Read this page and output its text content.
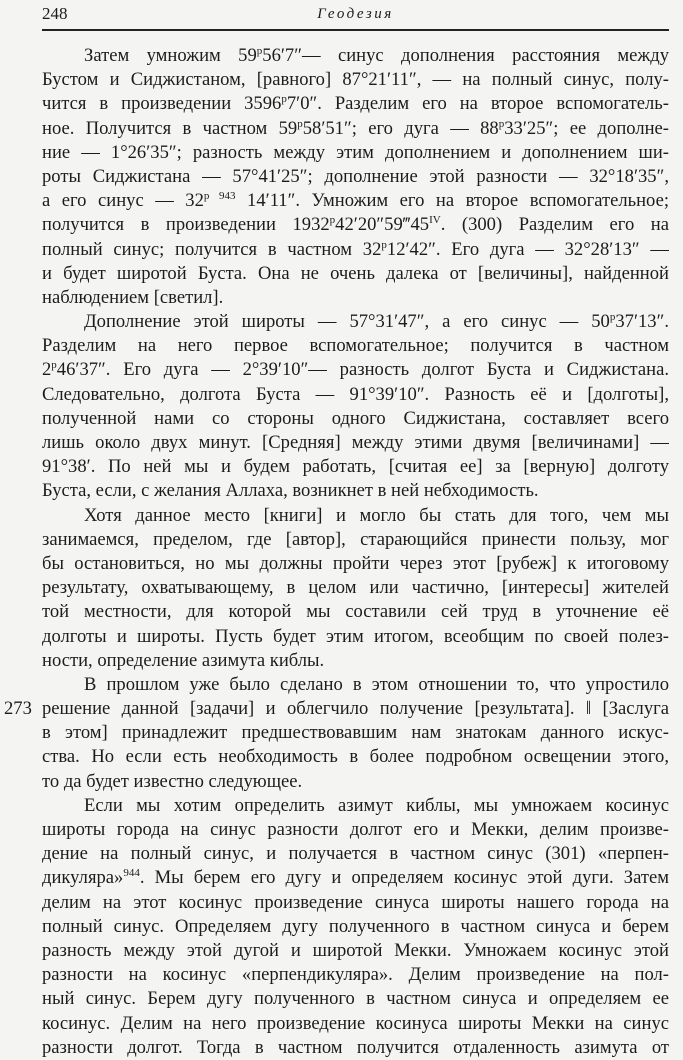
248	Геодезия
273
Затем умножим 59$^p$56′7″— синус дополнения расстояния между
Бустом и Сиджистаном, [равного] 87°21′11″, — на полный синус, полу-
чится в произведении 3596$^p$7′0″. Разделим его на второе вспомогатель-
ное. Получится в частном 59$^p$58′51″; его дуга — 88$^p$33′25″; ее дополне-
ние — 1°26′35″; разность между этим дополнением и дополнением ши-
роты Сиджистана — 57°41′25″; дополнение этой разности — 32°18′35″,
а его синус — $32^{p 943}$ 14′11″. Умножим его на второе вспомогательное;
получится в произведении $1932^p42'20''59‴45^{IV}$. (300) Разделим его на
полный синус; получится в частном 32$^p$12′42″. Его дуга — 32°28′13″ —
и будет широтой Буста. Она не очень далека от [величины], найденной
наблюдением [светил].
Дополнение этой широты — 57°31′47″, а его синус — 50$^p$37′13″.
Разделим на него первое вспомогательное; получится в частном
2$^p$46′37″. Его дуга — 2°39′10″— разность долгот Буста и Сиджистана.
Следовательно, долгота Буста — 91°39′10″. Разность её и [долготы],
полученной нами со стороны одного Сиджистана, составляет всего
лишь около двух минут. [Средняя] между этими двумя [величинами] —
91°38′. По ней мы и будем работать, [считая ее] за [верную] долготу
Буста, если, с желания Аллаха, возникнет в ней небходимость.
Хотя данное место [книги] и могло бы стать для того, чем мы
занимаемся, пределом, где [автор], старающийся принести пользу, мог
бы остановиться, но мы должны пройти через этот [рубеж] к итоговому
результату, охватывающему, в целом или частично, [интересы] жителей
той местности, для которой мы составили сей труд в уточнение её
долготы и широты. Пусть будет этим итогом, всеобщим по своей полез-
ности, определение азимута киблы.
В прошлом уже было сделано в этом отношении то, что упростило
решение данной [задачи] и облегчило получение [результата]. ‖ [Заслуга
в этом] принадлежит предшествовавшим нам знатокам данного искус-
ства. Но если есть необходимость в более подробном освещении этого,
то да будет известно следующее.
Если мы хотим определить азимут киблы, мы умножаем косинус
широты города на синус разности долгот его и Мекки, делим произве-
дение на полный синус, и получается в частном синус (301) «перпен-
дикуляра»$^{944}$. Мы берем его дугу и определяем косинус этой дуги. Затем
делим на этот косинус произведение синуса широты нашего города на
полный синус. Определяем дугу полученного в частном синуса и берем
разность между этой дугой и широтой Мекки. Умножаем косинус этой
разности на косинус «перпендикуляра». Делим произведение на пол-
ный синус. Берем дугу полученного в частном синуса и определяем ее
косинус. Делим на него произведение косинуса широты Мекки на синус
разности долгот. Тогда в частном получится отдаленность азимута от
